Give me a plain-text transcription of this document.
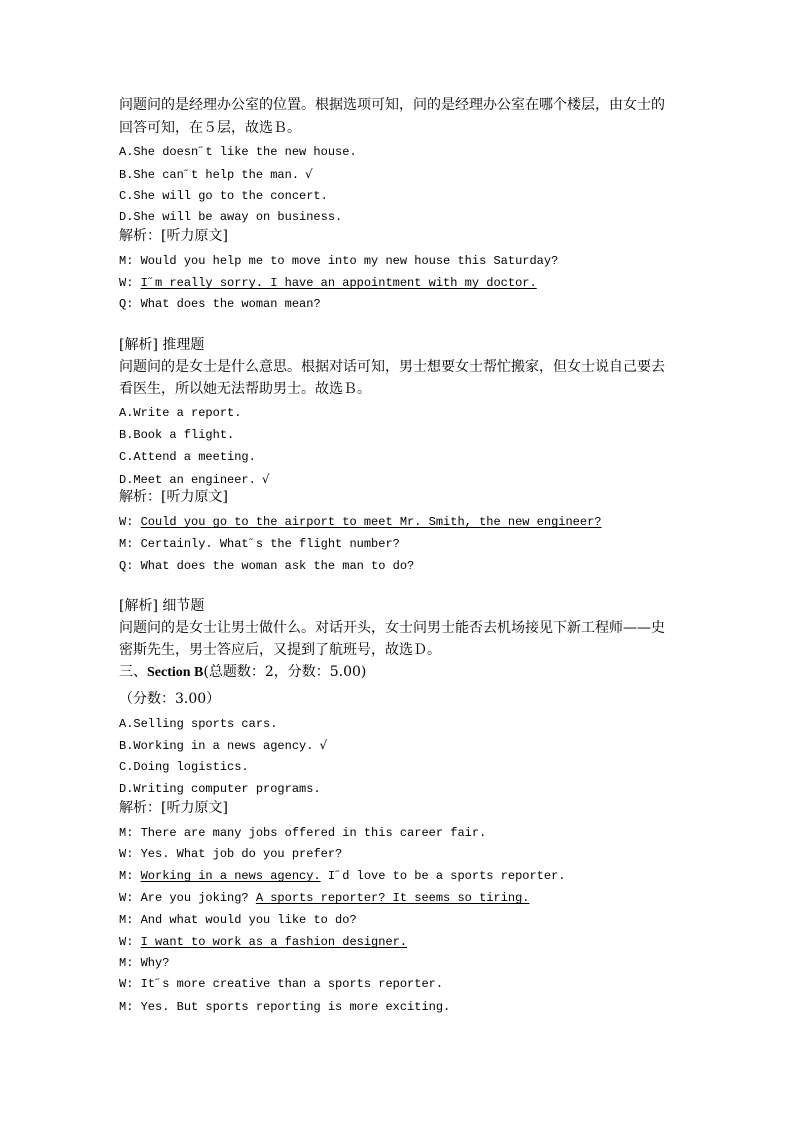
问题问的是经理办公室的位置。根据选项可知，问的是经理办公室在哪个楼层，由女士的
回答可知，在５层，故选Ｂ。
A.She doesn˝t like the new house.
B.She can˝t help the man. √
C.She will go to the concert.
D.She will be away on business.
解析：[听力原文]
M: Would you help me to move into my new house this Saturday?
W: I˝m really sorry. I have an appointment with my doctor.
Q: What does the woman mean?
[解析] 推理题
问题问的是女士是什么意思。根据对话可知，男士想要女士帮忙搬家，但女士说自己要去
看医生，所以她无法帮助男士。故选Ｂ。
A.Write a report.
B.Book a flight.
C.Attend a meeting.
D.Meet an engineer. √
解析：[听力原文]
W: Could you go to the airport to meet Mr. Smith, the new engineer?
M: Certainly. What˝s the flight number?
Q: What does the woman ask the man to do?
[解析] 细节题
问题问的是女士让男士做什么。对话开头，女士问男士能否去机场接见下新工程师——史
密斯先生，男士答应后，又提到了航班号，故选Ｄ。
三、Section B(总题数：2，分数：5.00)
（分数：3.00）
A.Selling sports cars.
B.Working in a news agency. √
C.Doing logistics.
D.Writing computer programs.
解析：[听力原文]
M: There are many jobs offered in this career fair.
W: Yes. What job do you prefer?
M: Working in a news agency. I˝d love to be a sports reporter.
W: Are you joking? A sports reporter? It seems so tiring.
M: And what would you like to do?
W: I want to work as a fashion designer.
M: Why?
W: It˝s more creative than a sports reporter.
M: Yes. But sports reporting is more exciting.
